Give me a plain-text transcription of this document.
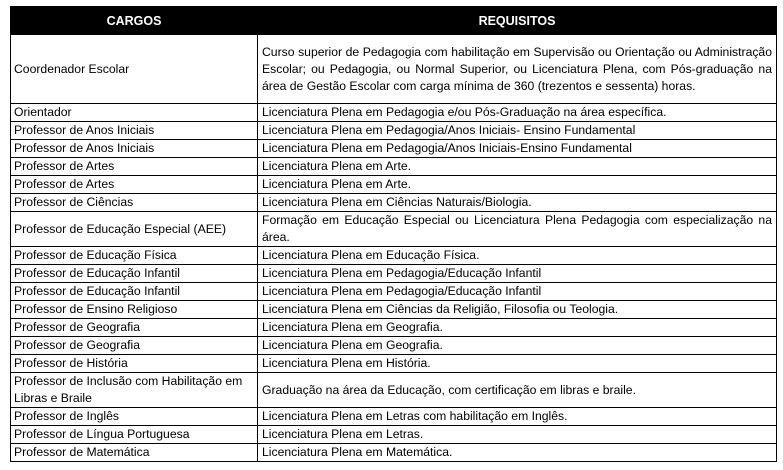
CARGOS	REQUISITOS
Coordenador Escolar	Curso superior de Pedagogia com habilitação em Supervisão ou Orientação ou Administração Escolar; ou Pedagogia, ou Normal Superior, ou Licenciatura Plena, com Pós-graduação na área de Gestão Escolar com carga mínima de 360 (trezentos e sessenta) horas.
Orientador	Licenciatura Plena em Pedagogia e/ou Pós-Graduação na área específica.
Professor de Anos Iniciais	Licenciatura Plena em Pedagogia/Anos Iniciais- Ensino Fundamental
Professor de Anos Iniciais	Licenciatura Plena em Pedagogia/Anos Iniciais-Ensino Fundamental
Professor de Artes	Licenciatura Plena em Arte.
Professor de Artes	Licenciatura Plena em Arte.
Professor de Ciências	Licenciatura Plena em Ciências Naturais/Biologia.
Professor de Educação Especial (AEE)	Formação em Educação Especial ou Licenciatura Plena Pedagogia com especialização na área.
Professor de Educação Física	Licenciatura Plena em Educação Física.
Professor de Educação Infantil	Licenciatura Plena em Pedagogia/Educação Infantil
Professor de Educação Infantil	Licenciatura Plena em Pedagogia/Educação Infantil
Professor de Ensino Religioso	Licenciatura Plena em Ciências da Religião, Filosofia ou Teologia.
Professor de Geografia	Licenciatura Plena em Geografia.
Professor de Geografia	Licenciatura Plena em Geografia.
Professor de História	Licenciatura Plena em História.
Professor de Inclusão com Habilitação em Libras e Braile	Graduação na área da Educação, com certificação em libras e braile.
Professor de Inglês	Licenciatura Plena em Letras com habilitação em Inglês.
Professor de Língua Portuguesa	Licenciatura Plena em Letras.
Professor de Matemática	Licenciatura Plena em Matemática.
